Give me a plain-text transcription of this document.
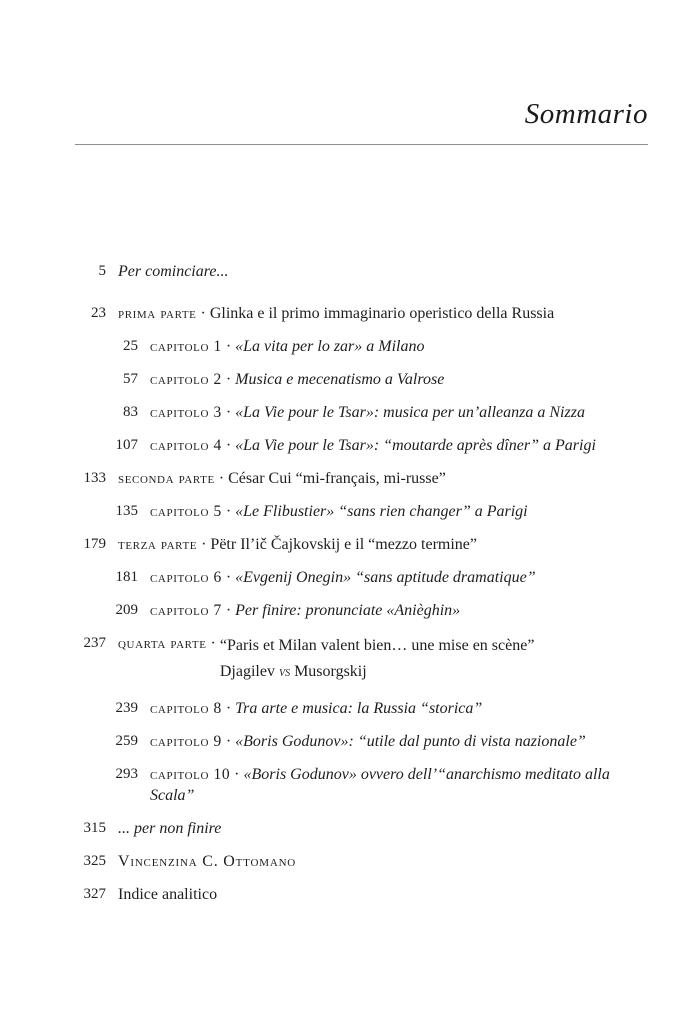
Sommario
5 Per cominciare...
23 prima parte · Glinka e il primo immaginario operistico della Russia
25 capitolo 1 · «La vita per lo zar» a Milano
57 capitolo 2 · Musica e mecenatismo a Valrose
83 capitolo 3 · «La Vie pour le Tsar»: musica per un’alleanza a Nizza
107 capitolo 4 · «La Vie pour le Tsar»: “moutarde après dîner” a Parigi
133 seconda parte · César Cui “mi-français, mi-russe”
135 capitolo 5 · «Le Flibustier» “sans rien changer” a Parigi
179 terza parte · Pëtr Il’ič Čajkovskij e il “mezzo termine”
181 capitolo 6 · «Evgenij Onegin» “sans aptitude dramatique”
209 capitolo 7 · Per finire: pronunciate «Anièghin»
237 quarta parte · “Paris et Milan valent bien… une mise en scène”
Djagilev vs Musorgskij
239 capitolo 8 · Tra arte e musica: la Russia “storica”
259 capitolo 9 · «Boris Godunov»: “utile dal punto di vista nazionale”
293 capitolo 10 · «Boris Godunov» ovvero dell’“anarchismo meditato alla Scala”
315 ... per non finire
325 Vincenzina C. Ottomano
327 Indice analitico
